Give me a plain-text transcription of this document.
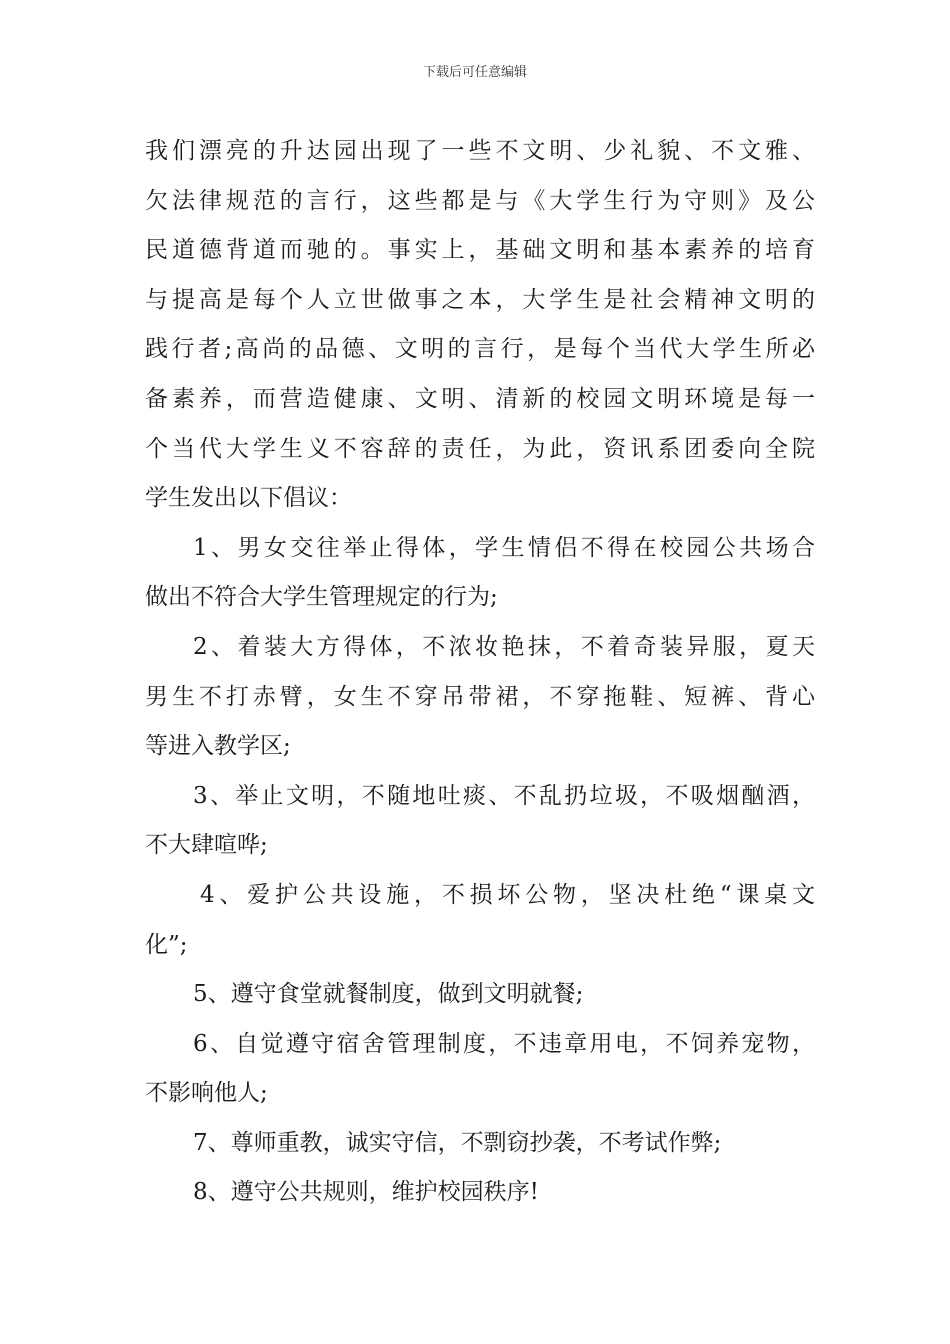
下载后可任意编辑
我们漂亮的升达园出现了一些不文明、少礼貌、不文雅、
欠法律规范的言行，这些都是与《大学生行为守则》及公
民道德背道而驰的。事实上，基础文明和基本素养的培育
与提高是每个人立世做事之本，大学生是社会精神文明的
践行者;高尚的品德、文明的言行，是每个当代大学生所必
备素养，而营造健康、文明、清新的校园文明环境是每一
个当代大学生义不容辞的责任，为此，资讯系团委向全院
学生发出以下倡议：
1、男女交往举止得体，学生情侣不得在校园公共场合
做出不符合大学生管理规定的行为;
2、着装大方得体，不浓妆艳抹，不着奇装异服，夏天
男生不打赤臂，女生不穿吊带裙，不穿拖鞋、短裤、背心
等进入教学区;
3、举止文明，不随地吐痰、不乱扔垃圾，不吸烟酗酒，
不大肆喧哗;
4、爱护公共设施，不损坏公物，坚决杜绝“课桌文
化”;
5、遵守食堂就餐制度，做到文明就餐;
6、自觉遵守宿舍管理制度，不违章用电，不饲养宠物，
不影响他人;
7、尊师重教，诚实守信，不剽窃抄袭，不考试作弊;
8、遵守公共规则，维护校园秩序!
